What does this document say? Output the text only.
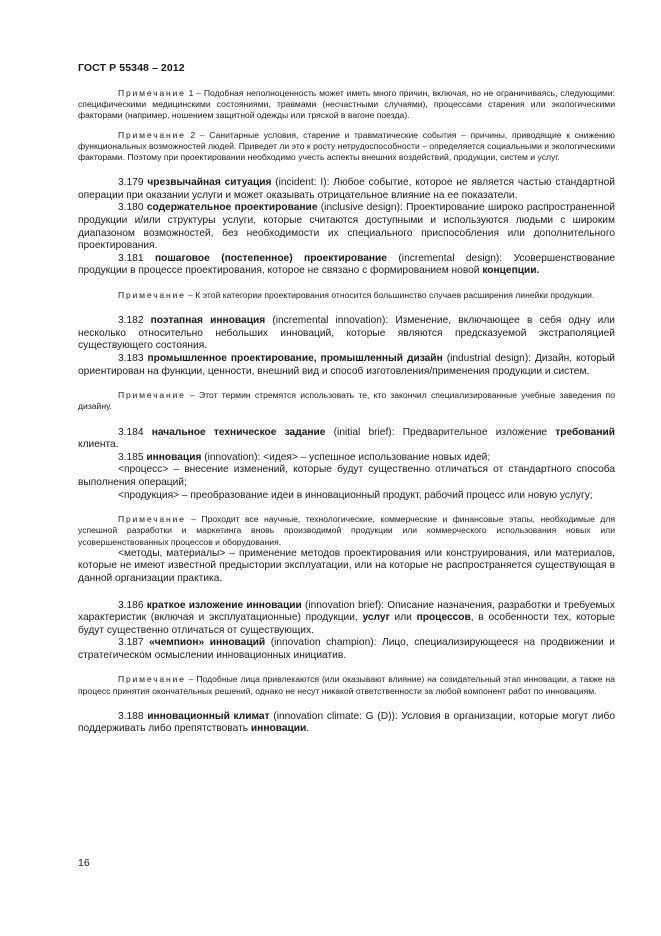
ГОСТ Р 55348 – 2012

Примечание 1 – Подобная неполноценность может иметь много причин, включая, но не ограничиваясь, следующими: специфическими медицинскими состояниями, травмами (несчастными случаями), процессами старения или экологическими факторами (например, ношением защитной одежды или тряской в вагоне поезда).

Примечание 2 – Санитарные условия, старение и травматические события – причины, приводящие к снижению функциональных возможностей людей. Приведет ли это к росту нетрудоспособности – определяется социальными и экологическими факторами. Поэтому при проектировании необходимо учесть аспекты внешних воздействий, продукции, систем и услуг.

3.179 чрезвычайная ситуация (incident: I): Любое событие, которое не является частью стандартной операции при оказании услуги и может оказывать отрицательное влияние на ее показатели.

3.180 содержательное проектирование (inclusive design): Проектирование широко распространенной продукции и/или структуры услуги, которые считаются доступными и используются людьми с широким диапазоном возможностей, без необходимости их специального приспособления или дополнительного проектирования.

3.181 пошаговое (постепенное) проектирование (incremental design): Усовершенствование продукции в процессе проектирования, которое не связано с формированием новой концепции.

Примечание – К этой категории проектирования относится большинство случаев расширения линейки продукции.

3.182 поэтапная инновация (incremental innovation): Изменение, включающее в себя одну или несколько относительно небольших инноваций, которые являются предсказуемой экстраполяцией существующего состояния.

3.183 промышленное проектирование, промышленный дизайн (industrial design): Дизайн, который ориентирован на функции, ценности, внешний вид и способ изготовления/применения продукции и систем.

Примечание – Этот термин стремятся использовать те, кто закончил специализированные учебные заведения по дизайну.

3.184 начальное техническое задание (initial brief): Предварительное изложение требований клиента.

3.185 инновация (innovation): <идея> – успешное использование новых идей;

<процесс> – внесение изменений, которые будут существенно отличаться от стандартного способа выполнения операций;

<продукция> – преобразование идеи в инновационный продукт, рабочий процесс или новую услугу;

Примечание – Проходит все научные, технологические, коммерческие и финансовые этапы, необходимые для успешной разработки и маркетинга вновь производимой продукции или коммерческого использования новых или усовершенствованных процессов и оборудования.

<методы, материалы> – применение методов проектирования или конструирования, или материалов, которые не имеют известной предыстории эксплуатации, или на которые не распространяется существующая в данной организации практика.

3.186 краткое изложение инновации (innovation brief): Описание назначения, разработки и требуемых характеристик (включая и эксплуатационные) продукции, услуг или процессов, в особенности тех, которые будут существенно отличаться от существующих.

3.187 «чемпион» инноваций (innovation champion): Лицо, специализирующееся на продвижении и стратегическом осмыслении инновационных инициатив.

Примечание – Подобные лица привлекаются (или оказывают влияние) на созидательный этап инновации, а также на процесс принятия окончательных решений, однако не несут никакой ответственности за любой компонент работ по инновациям.

3.188 инновационный климат (innovation climate: G (D)): Условия в организации, которые могут либо поддерживать либо препятствовать инновации.

16
